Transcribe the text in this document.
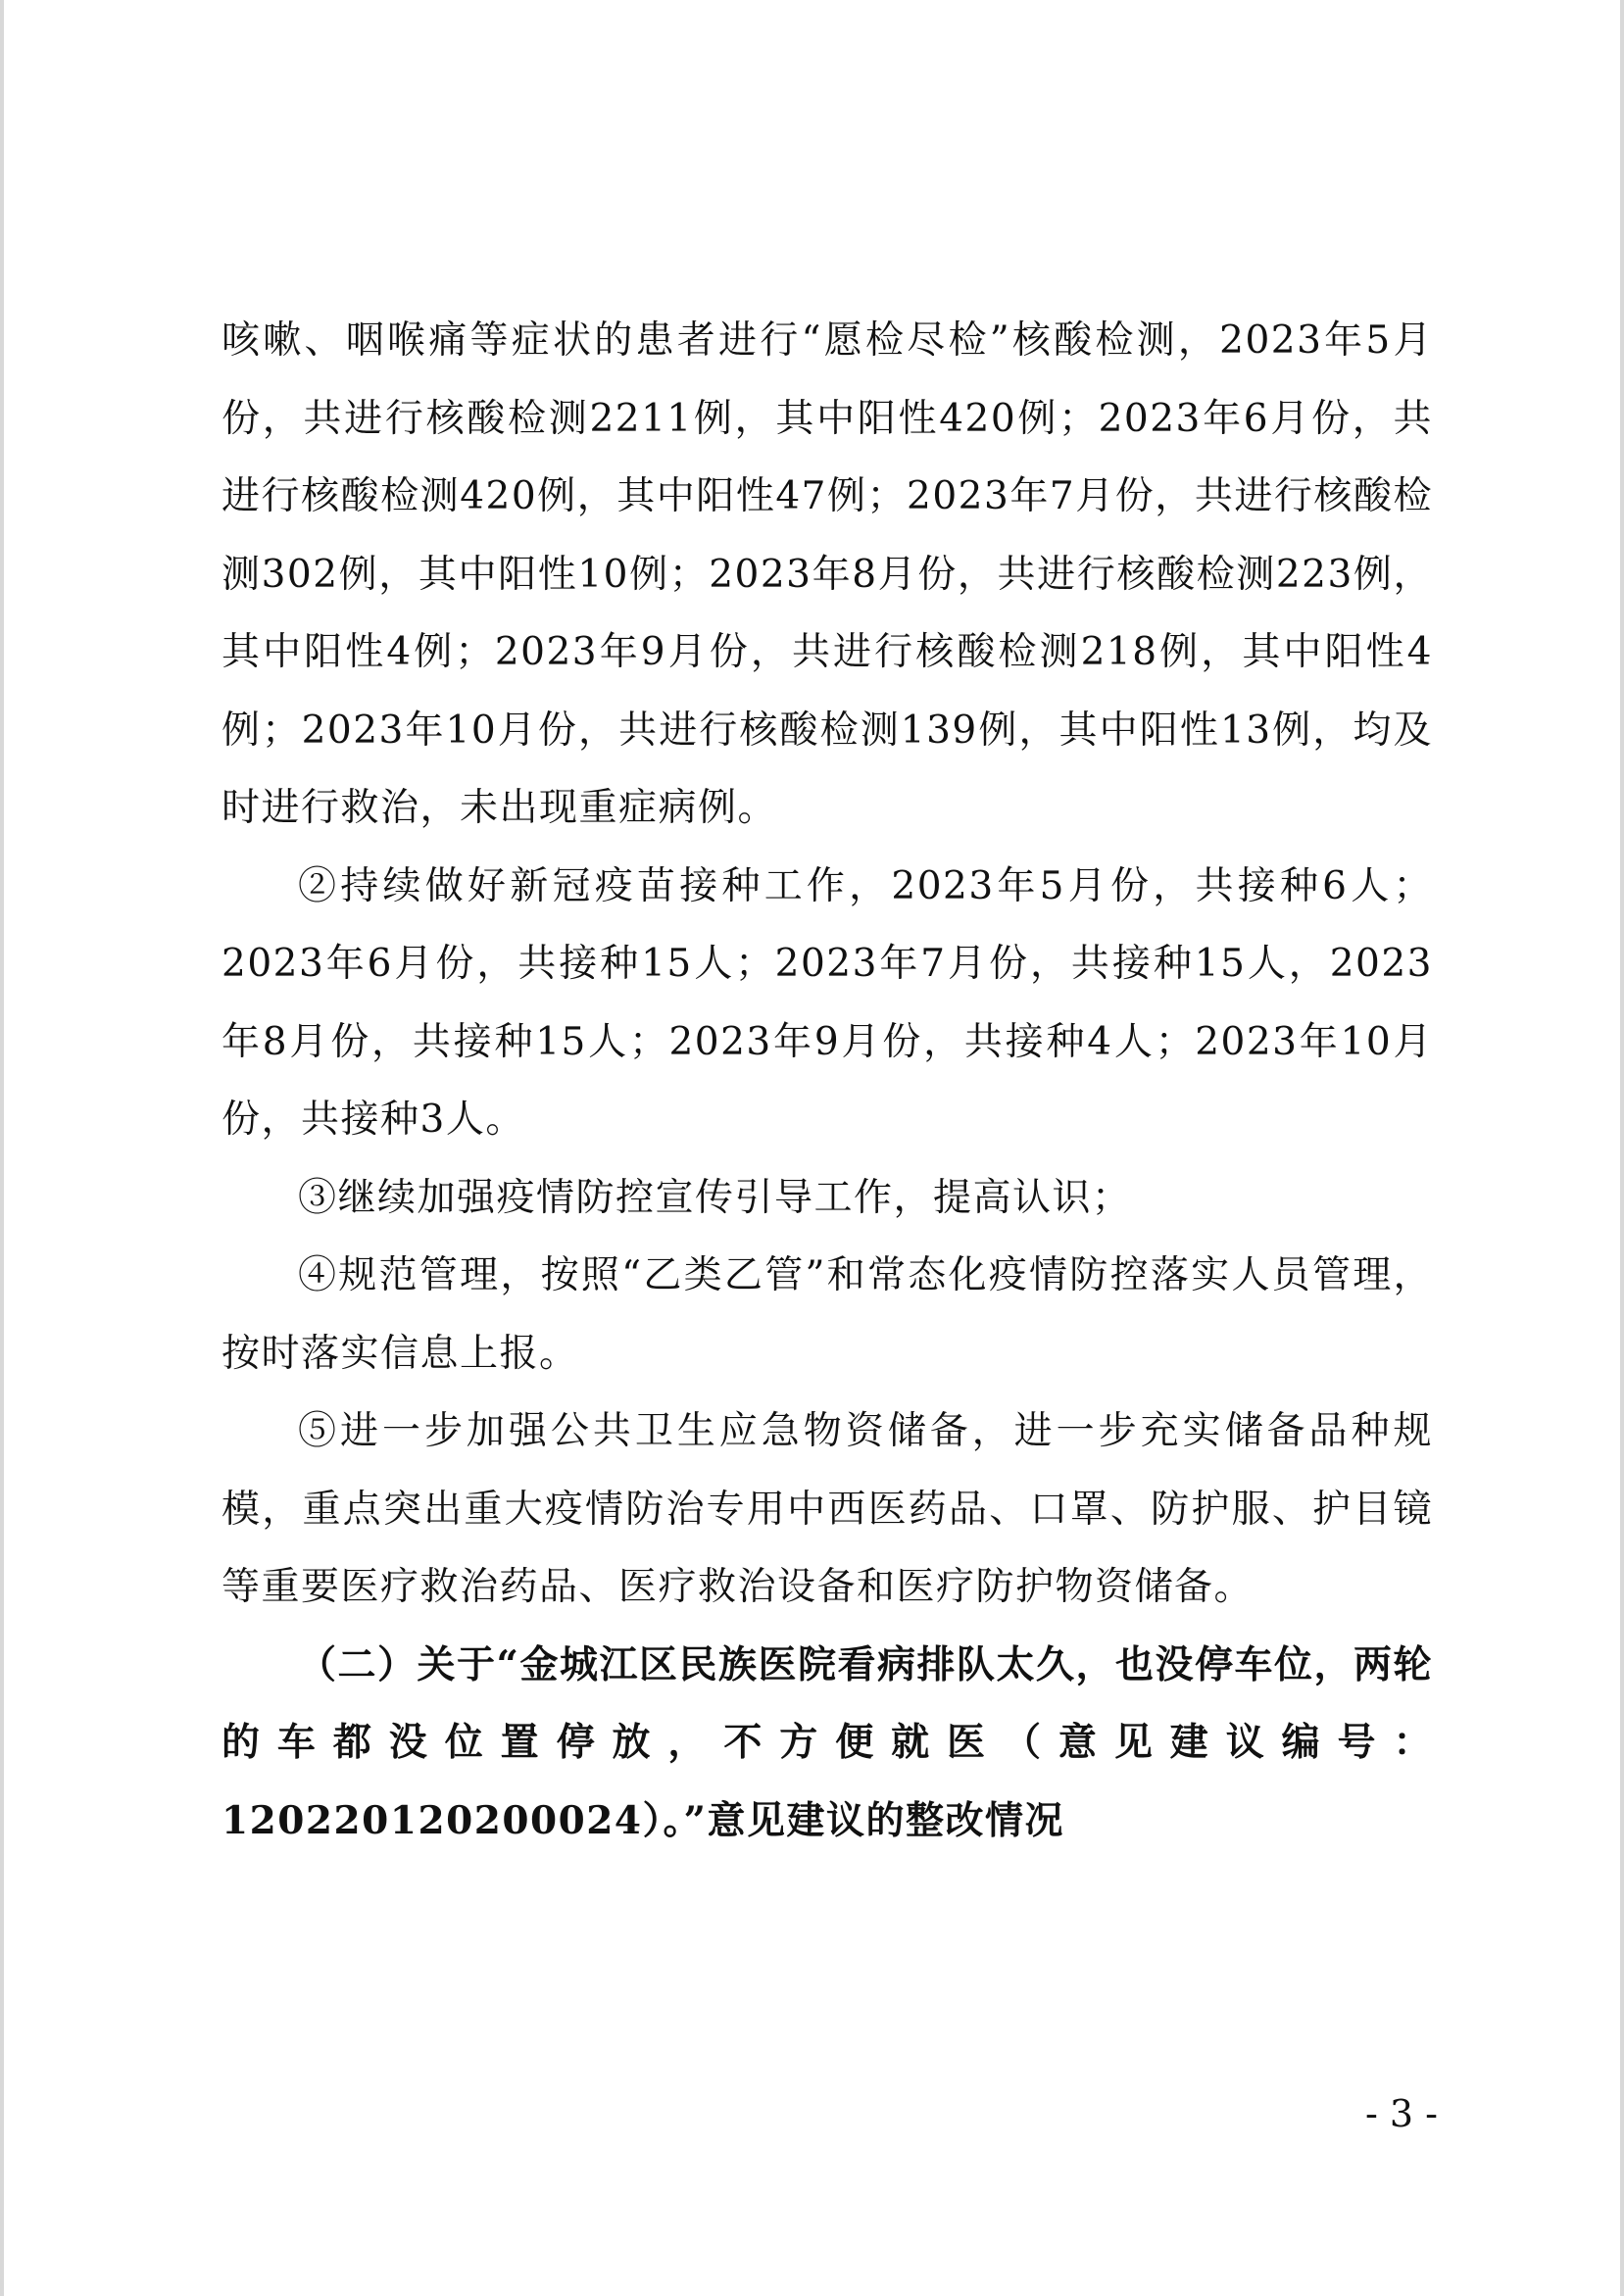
咳嗽、咽喉痛等症状的患者进行“愿检尽检”核酸检测，2023年5月份，共进行核酸检测2211例，其中阳性420例；2023年6月份，共进行核酸检测420例，其中阳性47例；2023年7月份，共进行核酸检测302例，其中阳性10例；2023年8月份，共进行核酸检测223例，其中阳性4例；2023年9月份，共进行核酸检测218例，其中阳性4例；2023年10月份，共进行核酸检测139例，其中阳性13例，均及时进行救治，未出现重症病例。

②持续做好新冠疫苗接种工作，2023年5月份，共接种6人；2023年6月份，共接种15人；2023年7月份，共接种15人，2023年8月份，共接种15人；2023年9月份，共接种4人；2023年10月份，共接种3人。

③继续加强疫情防控宣传引导工作，提高认识；

④规范管理，按照“乙类乙管”和常态化疫情防控落实人员管理，按时落实信息上报。

⑤进一步加强公共卫生应急物资储备，进一步充实储备品种规模，重点突出重大疫情防治专用中西医药品、口罩、防护服、护目镜等重要医疗救治药品、医疗救治设备和医疗防护物资储备。

（二）关于“金城江区民族医院看病排队太久，也没停车位，两轮的车都没位置停放，不方便就医（意见建议编号：120220120200024）。”意见建议的整改情况

- 3 -
